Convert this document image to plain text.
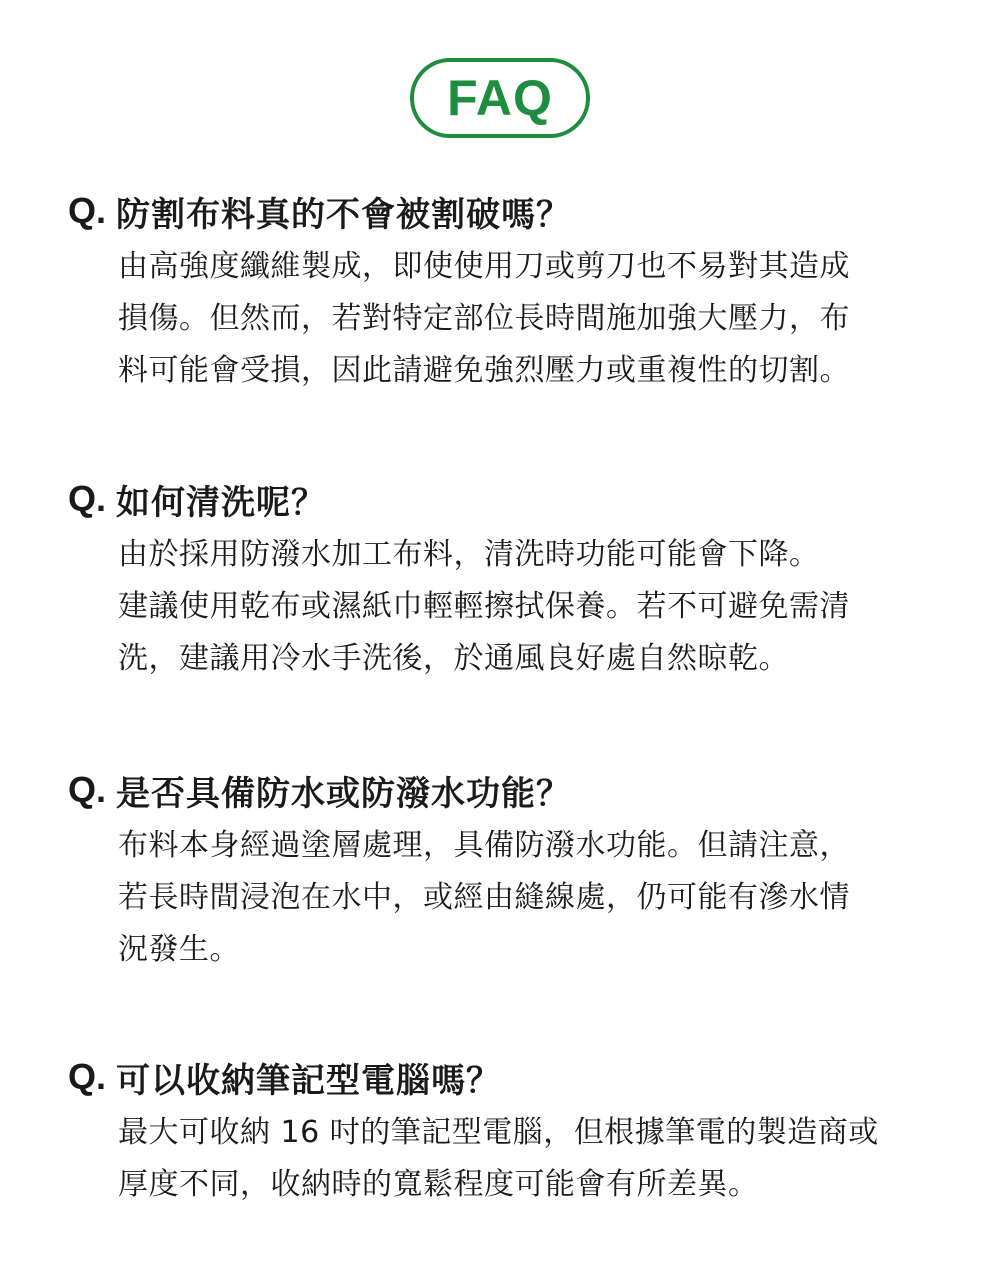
FAQ
Q. 防割布料真的不會被割破嗎？
由高強度纖維製成，即使使用刀或剪刀也不易對其造成
損傷。但然而，若對特定部位長時間施加強大壓力，布
料可能會受損，因此請避免強烈壓力或重複性的切割。
Q. 如何清洗呢？
由於採用防潑水加工布料，清洗時功能可能會下降。
建議使用乾布或濕紙巾輕輕擦拭保養。若不可避免需清
洗，建議用冷水手洗後，於通風良好處自然晾乾。
Q. 是否具備防水或防潑水功能？
布料本身經過塗層處理，具備防潑水功能。但請注意，
若長時間浸泡在水中，或經由縫線處，仍可能有滲水情
況發生。
Q. 可以收納筆記型電腦嗎？
最大可收納 16 吋的筆記型電腦，但根據筆電的製造商或
厚度不同，收納時的寬鬆程度可能會有所差異。
